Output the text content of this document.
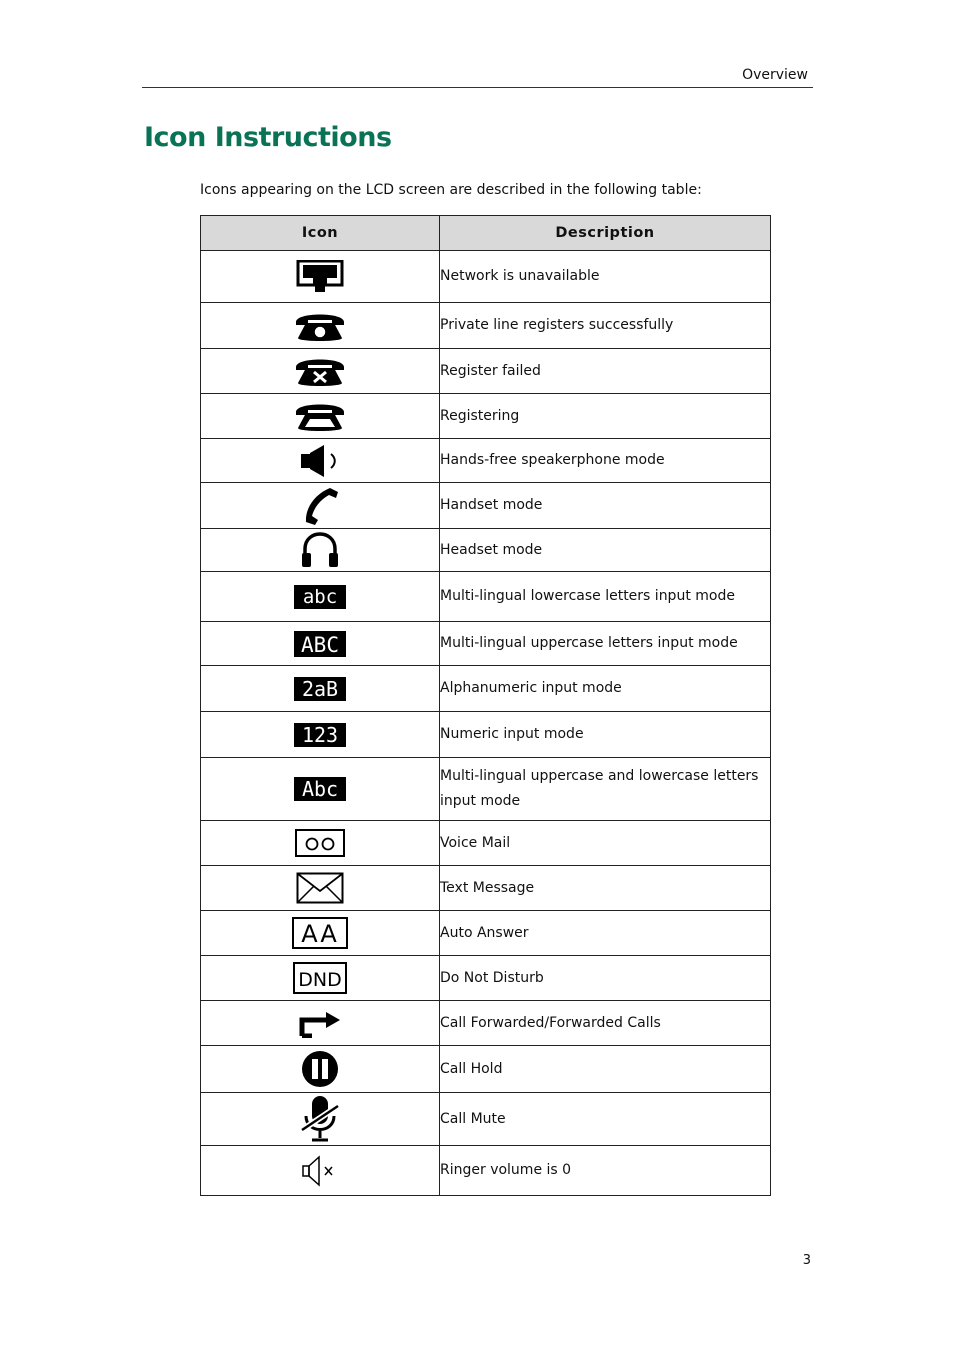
Overview
Icon Instructions
Icons appearing on the LCD screen are described in the following table:
Icon	Description

	Network is unavailable

	Private line registers successfully

	Register failed

	Registering

	Hands-free speakerphone mode

	Handset mode

	Headset mode

abc	Multi-lingual lowercase letters input mode

ABC	Multi-lingual uppercase letters input mode

2aB	Alphanumeric input mode

123	Numeric input mode

Abc	Multi-lingual uppercase and lowercase letters input mode

	Voice Mail

	Text Message

AA	Auto Answer

DND	Do Not Disturb

	Call Forwarded/Forwarded Calls

	Call Hold

	Call Mute

	Ringer volume is 0
3
